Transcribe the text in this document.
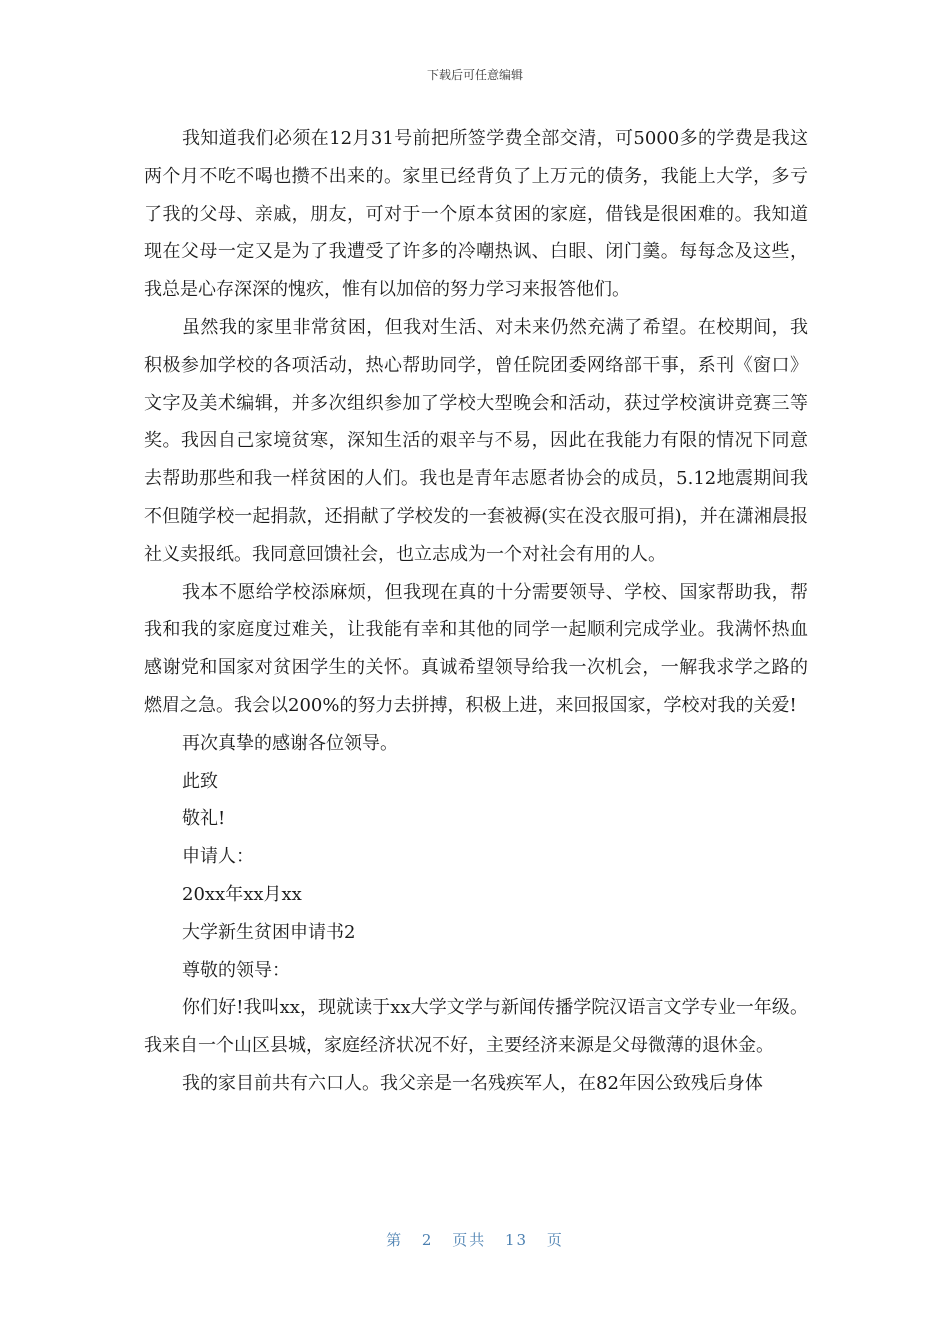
下载后可任意编辑

我知道我们必须在12月31号前把所签学费全部交清，可5000多的学费是我这两个月不吃不喝也攒不出来的。家里已经背负了上万元的债务，我能上大学，多亏了我的父母、亲戚，朋友，可对于一个原本贫困的家庭，借钱是很困难的。我知道现在父母一定又是为了我遭受了许多的冷嘲热讽、白眼、闭门羹。每每念及这些，我总是心存深深的愧疚，惟有以加倍的努力学习来报答他们。

虽然我的家里非常贫困，但我对生活、对未来仍然充满了希望。在校期间，我积极参加学校的各项活动，热心帮助同学，曾任院团委网络部干事，系刊《窗口》文字及美术编辑，并多次组织参加了学校大型晚会和活动，获过学校演讲竞赛三等奖。我因自己家境贫寒，深知生活的艰辛与不易，因此在我能力有限的情况下同意去帮助那些和我一样贫困的人们。我也是青年志愿者协会的成员，5.12地震期间我不但随学校一起捐款，还捐献了学校发的一套被褥(实在没衣服可捐)，并在潇湘晨报社义卖报纸。我同意回馈社会，也立志成为一个对社会有用的人。

我本不愿给学校添麻烦，但我现在真的十分需要领导、学校、国家帮助我，帮我和我的家庭度过难关，让我能有幸和其他的同学一起顺利完成学业。我满怀热血感谢党和国家对贫困学生的关怀。真诚希望领导给我一次机会，一解我求学之路的燃眉之急。我会以200%的努力去拼搏，积极上进，来回报国家，学校对我的关爱!

再次真挚的感谢各位领导。

此致

敬礼!

申请人：

20xx年xx月xx

大学新生贫困申请书2

尊敬的领导：

你们好!我叫xx，现就读于xx大学文学与新闻传播学院汉语言文学专业一年级。我来自一个山区县城，家庭经济状况不好，主要经济来源是父母微薄的退休金。

我的家目前共有六口人。我父亲是一名残疾军人，在82年因公致残后身体

第 2 页共 13 页
